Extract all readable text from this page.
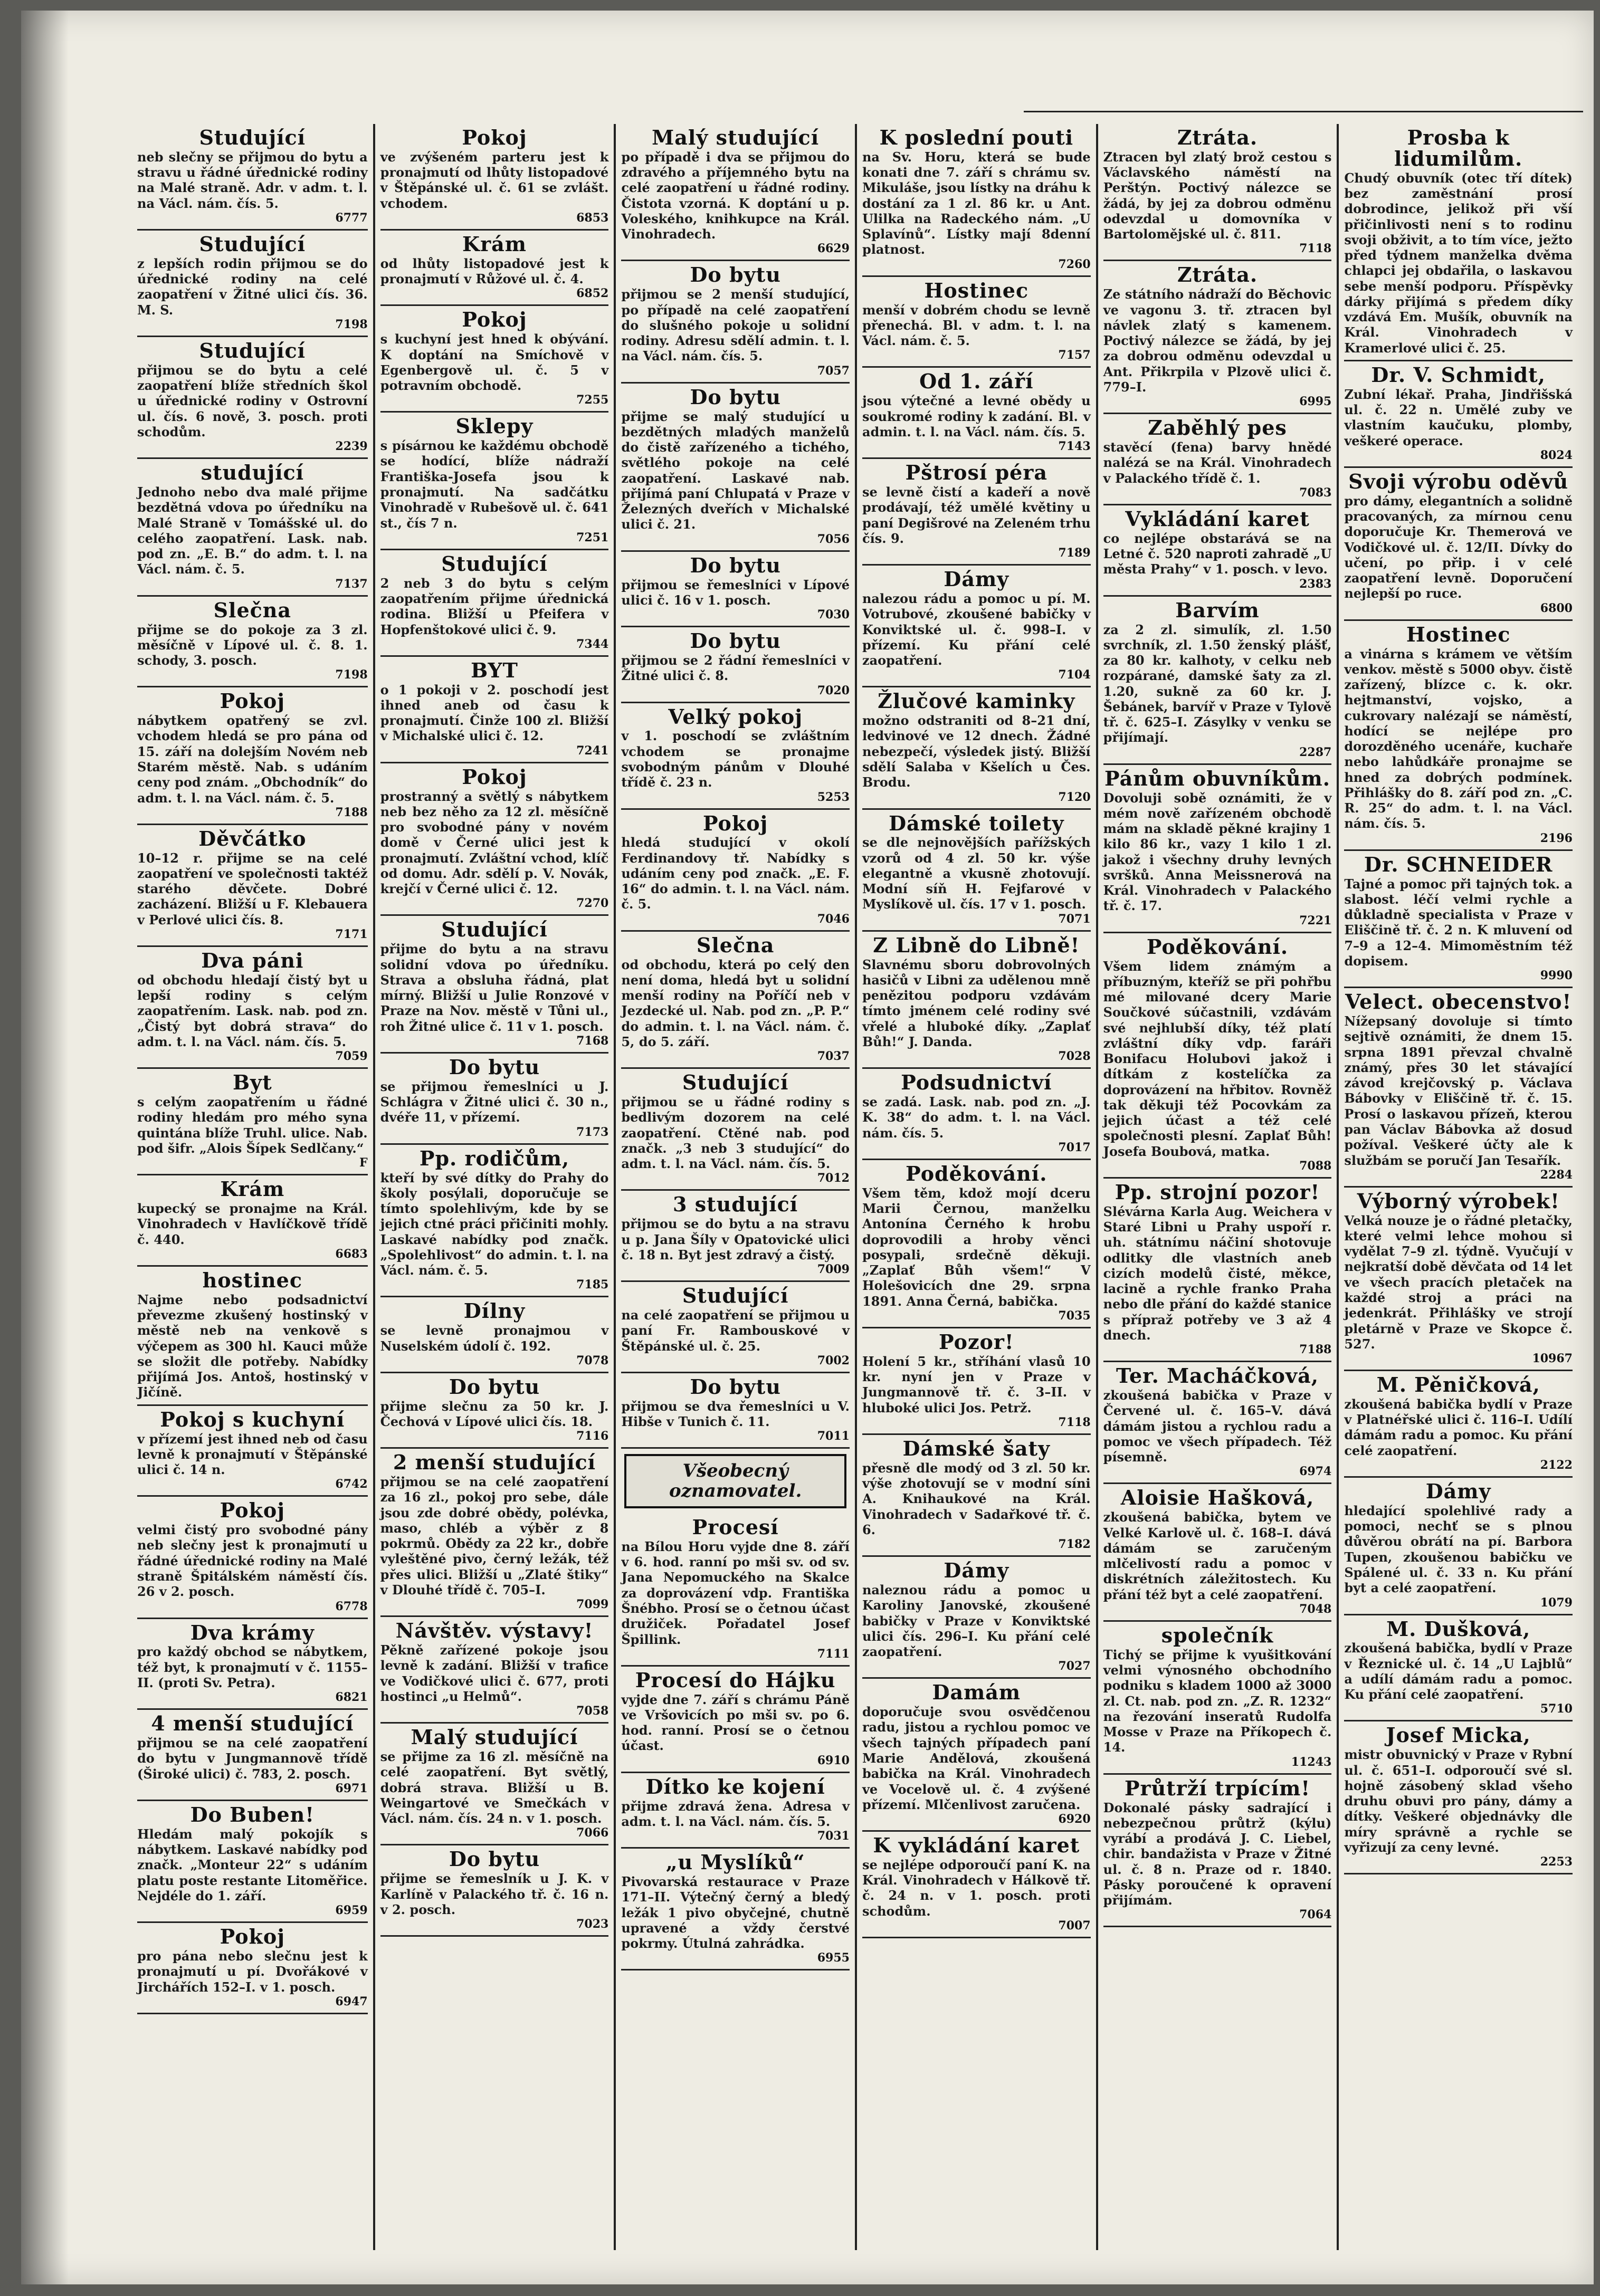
Studující

neb slečny se přijmou do bytu a stravu u řádné úřednické rodiny na Malé straně. Adr. v adm. t. l. na Václ. nám. čís. 5.

6777
Studující

z lepších rodin přijmou se do úřednické rodiny na celé zaopatření v Žitné ulici čís. 36. M. S.

7198
Studující

přijmou se do bytu a celé zaopatření blíže středních škol u úřednické rodiny v Ostrovní ul. čís. 6 nově, 3. posch. proti schodům.

2239
studující

Jednoho nebo dva malé přijme bezdětná vdova po úředníku na Malé Straně v Tomášské ul. do celého zaopatření. Lask. nab. pod zn. „E. B.“ do adm. t. l. na Václ. nám. č. 5.

7137
Slečna

přijme se do pokoje za 3 zl. měsíčně v Lípové ul. č. 8. 1. schody, 3. posch.

7198
Pokoj

nábytkem opatřený se zvl. vchodem hledá se pro pána od 15. září na dolejším Novém neb Starém městě. Nab. s udáním ceny pod znám. „Obchodník“ do adm. t. l. na Václ. nám. č. 5.

7188
Děvčátko

10–12 r. přijme se na celé zaopatření ve společnosti taktéž starého děvčete. Dobré zacházení. Bližší u F. Klebauera v Perlové ulici čís. 8.

7171
Dva páni

od obchodu hledají čistý byt u lepší rodiny s celým zaopatřením. Lask. nab. pod zn. „Čistý byt dobrá strava“ do adm. t. l. na Václ. nám. čís. 5.

7059
Byt

s celým zaopatřením u řádné rodiny hledám pro mého syna quintána blíže Truhl. ulice. Nab. pod šifr. „Alois Šípek Sedlčany.“

F
Krám

kupecký se pronajme na Král. Vinohradech v Havlíčkově třídě č. 440.

6683
hostinec

Najme nebo podsadnictví převezme zkušený hostinský v městě neb na venkově s výčepem as 300 hl. Kauci může se složit dle potřeby. Nabídky přijímá Jos. Antoš, hostinský v Jičíně.

Pokoj s kuchyní

v přízemí jest ihned neb od času levně k pronajmutí v Štěpánské ulici č. 14 n.

6742
Pokoj

velmi čistý pro svobodné pány neb slečny jest k pronajmutí u řádné úřednické rodiny na Malé straně Špitálském náměstí čís. 26 v 2. posch.

6778
Dva krámy

pro každý obchod se nábytkem, též byt, k pronajmutí v č. 1155–II. (proti Sv. Petra).

6821
4 menší studující

přijmou se na celé zaopatření do bytu v Jungmannově třídě (Široké ulici) č. 783, 2. posch.

6971
Do Buben!

Hledám malý pokojík s nábytkem. Laskavé nabídky pod značk. „Monteur 22“ s udáním platu poste restante Litoměřice. Nejdéle do 1. září.

6959
Pokoj

pro pána nebo slečnu jest k pronajmutí u pí. Dvořákové v Jirchářích 152–I. v 1. posch.

6947
Pokoj

ve zvýšeném parteru jest k pronajmutí od lhůty listopadové v Štěpánské ul. č. 61 se zvlášt. vchodem.

6853
Krám

od lhůty listopadové jest k pronajmutí v Růžové ul. č. 4.

6852
Pokoj

s kuchyní jest hned k obývání. K doptání na Smíchově v Egenbergově ul. č. 5 v potravním obchodě.

7255
Sklepy

s písárnou ke každému obchodě se hodící, blíže nádraží Františka-Josefa jsou k pronajmutí. Na sadčátku Vinohradě v Rubešově ul. č. 641 st., čís 7 n.

7251
Studující

2 neb 3 do bytu s celým zaopatřením přijme úřednická rodina. Bližší u Pfeifera v Hopfenštokové ulici č. 9.

7344
BYT

o 1 pokoji v 2. poschodí jest ihned aneb od času k pronajmutí. Činže 100 zl. Bližší v Michalské ulici č. 12.

7241
Pokoj

prostranný a světlý s nábytkem neb bez něho za 12 zl. měsíčně pro svobodné pány v novém domě v Černé ulici jest k pronajmutí. Zvláštní vchod, klíč od domu. Adr. sdělí p. V. Novák, krejčí v Černé ulici č. 12.

7270
Studující

přijme do bytu a na stravu solidní vdova po úředníku. Strava a obsluha řádná, plat mírný. Bližší u Julie Ronzové v Praze na Nov. městě v Tůni ul., roh Žitné ulice č. 11 v 1. posch.

7168
Do bytu

se přijmou řemeslníci u J. Schlágra v Žitné ulici č. 30 n., dvéře 11, v přízemí.

7173
Pp. rodičům,

kteří by své dítky do Prahy do školy posýlali, doporučuje se tímto spolehlivým, kde by se jejich ctné práci přičiniti mohly. Laskavé nabídky pod značk. „Spolehlivost“ do admin. t. l. na Václ. nám. č. 5.

7185
Dílny

se levně pronajmou v Nuselském údolí č. 192.

7078
Do bytu

přijme slečnu za 50 kr. J. Čechová v Lípové ulici čís. 18.

7116
2 menší studující

přijmou se na celé zaopatření za 16 zl., pokoj pro sebe, dále jsou zde dobré obědy, polévka, maso, chléb a výběr z 8 pokrmů. Obědy za 22 kr., dobře vyleštěné pivo, černý ležák, též přes ulici. Bližší u „Zlaté štiky“ v Dlouhé třídě č. 705–I.

7099
Návštěv. výstavy!

Pěkně zařízené pokoje jsou levně k zadání. Bližší v trafice ve Vodičkové ulici č. 677, proti hostinci „u Helmů“.

7058
Malý studující

se přijme za 16 zl. měsíčně na celé zaopatření. Byt světlý, dobrá strava. Bližší u B. Weingartové ve Smečkách v Václ. nám. čís. 24 n. v 1. posch.

7066
Do bytu

přijme se řemeslník u J. K. v Karlíně v Palackého tř. č. 16 n. v 2. posch.

7023
Malý studující

po případě i dva se přijmou do zdravého a příjemného bytu na celé zaopatření u řádné rodiny. Čistota vzorná. K doptání u p. Voleského, knihkupce na Král. Vinohradech.

6629
Do bytu

přijmou se 2 menší studující, po případě na celé zaopatření do slušného pokoje u solidní rodiny. Adresu sdělí admin. t. l. na Václ. nám. čís. 5.

7057
Do bytu

přijme se malý studující u bezdětných mladých manželů do čistě zařízeného a tichého, světlého pokoje na celé zaopatření. Laskavé nab. přijímá paní Chlupatá v Praze v Železných dveřích v Michalské ulici č. 21.

7056
Do bytu

přijmou se řemeslníci v Lípové ulici č. 16 v 1. posch.

7030
Do bytu

přijmou se 2 řádní řemeslníci v Žitné ulici č. 8.

7020
Velký pokoj

v 1. poschodí se zvláštním vchodem se pronajme svobodným pánům v Dlouhé třídě č. 23 n.

5253
Pokoj

hledá studující v okolí Ferdinandovy tř. Nabídky s udáním ceny pod značk. „E. F. 16“ do admin. t. l. na Václ. nám. č. 5.

7046
Slečna

od obchodu, která po celý den není doma, hledá byt u solidní menší rodiny na Poříčí neb v Jezdecké ul. Nab. pod zn. „P. P.“ do admin. t. l. na Václ. nám. č. 5, do 5. září.

7037
Studující

přijmou se u řádné rodiny s bedlivým dozorem na celé zaopatření. Ctěné nab. pod značk. „3 neb 3 studující“ do adm. t. l. na Václ. nám. čís. 5.

7012
3 studující

přijmou se do bytu a na stravu u p. Jana Šíly v Opatovické ulici č. 18 n. Byt jest zdravý a čistý.

7009
Studující

na celé zaopatření se přijmou u paní Fr. Rambouskové v Štěpánské ul. č. 25.

7002
Do bytu

přijmou se dva řemeslníci u V. Hibše v Tunich č. 11.

7011
Všeobecný oznamovatel.
Procesí

na Bílou Horu vyjde dne 8. září v 6. hod. ranní po mši sv. od sv. Jana Nepomuckého na Skalce za doprovázení vdp. Františka Šnébho. Prosí se o četnou účast družiček. Pořadatel Josef Špillink.

7111
Procesí do Hájku

vyjde dne 7. září s chrámu Páně ve Vršovicích po mši sv. po 6. hod. ranní. Prosí se o četnou účast.

6910
Dítko ke kojení

přijme zdravá žena. Adresa v adm. t. l. na Václ. nám. čís. 5.

7031
„u Myslíků“

Pivovarská restaurace v Praze 171–II. Výtečný černý a bledý ležák 1 pivo obyčejné, chutně upravené a vždy čerstvé pokrmy. Útulná zahrádka.

6955
K poslední pouti

na Sv. Horu, která se bude konati dne 7. září s chrámu sv. Mikuláše, jsou lístky na dráhu k dostání za 1 zl. 86 kr. u Ant. Ulilka na Radeckého nám. „U Splavínů“. Lístky mají 8denní platnost.

7260
Hostinec

menší v dobrém chodu se levně přenechá. Bl. v adm. t. l. na Václ. nám. č. 5.

7157
Od 1. září

jsou výtečné a levné obědy u soukromé rodiny k zadání. Bl. v admin. t. l. na Václ. nám. čís. 5.

7143
Pštrosí péra

se levně čistí a kadeří a nově prodávají, též umělé květiny u paní Degišrové na Zeleném trhu čís. 9.

7189
Dámy

nalezou rádu a pomoc u pí. M. Votrubové, zkoušené babičky v Konviktské ul. č. 998–I. v přízemí. Ku přání celé zaopatření.

7104
Žlučové kaminky

možno odstraniti od 8–21 dní, ledvinové ve 12 dnech. Žádné nebezpečí, výsledek jistý. Bližší sdělí Salaba v Kšelích u Čes. Brodu.

7120
Dámské toilety

se dle nejnovějších pařížských vzorů od 4 zl. 50 kr. výše elegantně a vkusně zhotovují. Modní síň H. Fejfarové v Myslíkově ul. čís. 17 v 1. posch.

7071
Z Libně do Libně!

Slavnému sboru dobrovolných hasičů v Libni za udělenou mně penězitou podporu vzdávám tímto jménem celé rodiny své vřelé a hluboké díky. „Zaplať Bůh!“ J. Danda.

7028
Podsudnictví

se zadá. Lask. nab. pod zn. „J. K. 38“ do adm. t. l. na Václ. nám. čís. 5.

7017
Poděkování.

Všem těm, kdož mojí dceru Marii Černou, manželku Antonína Černého k hrobu doprovodili a hroby věnci posypali, srdečně děkuji. „Zaplať Bůh všem!“ V Holešovicích dne 29. srpna 1891. Anna Černá, babička.

7035
Pozor!

Holení 5 kr., stříhání vlasů 10 kr. nyní jen v Praze v Jungmannově tř. č. 3–II. v hluboké ulici Jos. Petrž.

7118
Dámské šaty

přesně dle modý od 3 zl. 50 kr. výše zhotovují se v modní síni A. Knihaukové na Král. Vinohradech v Sadařkové tř. č. 6.

7182
Dámy

naleznou rádu a pomoc u Karoliny Janovské, zkoušené babičky v Praze v Konviktské ulici čís. 296–I. Ku přání celé zaopatření.

7027
Damám

doporučuje svou osvědčenou radu, jistou a rychlou pomoc ve všech tajných případech paní Marie Andělová, zkoušená babička na Král. Vinohradech ve Vocelově ul. č. 4 zvýšené přízemí. Mlčenlivost zaručena.

6920
K vykládání karet

se nejlépe odporoučí paní K. na Král. Vinohradech v Hálkově tř. č. 24 n. v 1. posch. proti schodům.

7007
Ztráta.

Ztracen byl zlatý brož cestou s Václavského náměstí na Perštýn. Poctivý nálezce se žádá, by jej za dobrou odměnu odevzdal u domovníka v Bartolomějské ul. č. 811.

7118
Ztráta.

Ze státního nádraží do Běchovic ve vagonu 3. tř. ztracen byl návlek zlatý s kamenem. Poctivý nálezce se žádá, by jej za dobrou odměnu odevzdal u Ant. Přikrpila v Plzově ulici č. 779–I.

6995
Zaběhlý pes

stavěcí (fena) barvy hnědé nalézá se na Král. Vinohradech v Palackého třídě č. 1.

7083
Vykládání karet

co nejlépe obstarává se na Letné č. 520 naproti zahradě „U města Prahy“ v 1. posch. v levo.

2383
Barvím

za 2 zl. simulík, zl. 1.50 svrchník, zl. 1.50 ženský plášť, za 80 kr. kalhoty, v celku neb rozpárané, damské šaty za zl. 1.20, sukně za 60 kr. J. Šebánek, barvíř v Praze v Tylově tř. č. 625–I. Zásylky v venku se přijímají.

2287
Pánům obuvníkům.

Dovoluji sobě oznámiti, že v mém nově zařízeném obchodě mám na skladě pěkné krajiny 1 kilo 86 kr., vazy 1 kilo 1 zl. jakož i všechny druhy levných svršků. Anna Meissnerová na Král. Vinohradech v Palackého tř. č. 17.

7221
Poděkování.

Všem lidem známým a příbuzným, kteříž se při pohřbu mé milované dcery Marie Součkové súčastnili, vzdávám své nejhlubší díky, též platí zvláštní díky vdp. faráři Bonifacu Holubovi jakož i dítkám z kostelíčka za doprovázení na hřbitov. Rovněž tak děkuji též Pocovkám za jejich účast a též celé společnosti plesní. Zaplať Bůh! Josefa Boubová, matka.

7088
Pp. strojní pozor!

Slévárna Karla Aug. Weichera v Staré Libni u Prahy uspoří r. uh. státnímu náčiní shotovuje odlitky dle vlastních aneb cizích modelů čisté, měkce, lacině a rychle franko Praha nebo dle přání do každé stanice s přípraž potřeby ve 3 až 4 dnech.

7188
Ter. Macháčková,

zkoušená babička v Praze v Červené ul. č. 165–V. dává dámám jistou a rychlou radu a pomoc ve všech případech. Též písemně.

6974
Aloisie Hašková,

zkoušená babička, bytem ve Velké Karlově ul. č. 168–I. dává dámám se zaručeným mlčelivostí radu a pomoc v diskrétních záležitostech. Ku přání též byt a celé zaopatření.

7048
společník

Tichý se přijme k vyušitkování velmi výnosného obchodního podniku s kladem 1000 až 3000 zl. Ct. nab. pod zn. „Z. R. 1232“ na řezování inseratů Rudolfa Mosse v Praze na Příkopech č. 14.

11243
Průtrží trpícím!

Dokonalé pásky sadrající i nebezpečnou průtrž (kýlu) vyrábí a prodává J. C. Liebel, chir. bandažista v Praze v Žitné ul. č. 8 n. Praze od r. 1840. Pásky poroučené k opravení přijímám.

7064
Prosba k lidumilům.

Chudý obuvník (otec tří dítek) bez zaměstnání prosí dobrodince, jelikož při vší přičinlivosti není s to rodinu svoji obživit, a to tím více, ježto před týdnem manželka dvěma chlapci jej obdařila, o laskavou sebe menší podporu. Příspěvky dárky přijímá s předem díky vzdává Em. Mušík, obuvník na Král. Vinohradech v Kramerlové ulici č. 25.

Dr. V. Schmidt,

Zubní lékař. Praha, Jindřišská ul. č. 22 n. Umělé zuby ve vlastním kaučuku, plomby, veškeré operace.

8024
Svoji výrobu oděvů

pro dámy, elegantních a solidně pracovaných, za mírnou cenu doporučuje Kr. Themerová ve Vodičkové ul. č. 12/II. Dívky do učení, po přip. i v celé zaopatření levně. Doporučení nejlepší po ruce.

6800
Hostinec

a vinárna s krámem ve větším venkov. městě s 5000 obyv. čistě zařízený, blízce c. k. okr. hejtmanství, vojsko, a cukrovary nalézají se náměstí, hodící se nejlépe pro dorozděného ucenáře, kuchaře nebo lahůdkáře pronajme se hned za dobrých podmínek. Přihlášky do 8. září pod zn. „C. R. 25“ do adm. t. l. na Václ. nám. čís. 5.

2196
Dr. SCHNEIDER

Tajné a pomoc při tajných tok. a slabost. léčí velmi rychle a důkladně specialista v Praze v Eliščině tř. č. 2 n. K mluvení od 7–9 a 12–4. Mimoměstním též dopisem.

9990
Velect. obecenstvo!

Nížepsaný dovoluje si tímto sejtivě oznámiti, že dnem 15. srpna 1891 převzal chvalně známý, přes 30 let stávající závod krejčovský p. Václava Bábovky v Eliščině tř. č. 15. Prosí o laskavou přízeň, kterou pan Václav Bábovka až dosud požíval. Veškeré účty ale k službám se poručí Jan Tesařík.

2284
Výborný výrobek!

Velká nouze je o řádné pletačky, které velmi lehce mohou si vydělat 7–9 zl. týdně. Vyučují v nejkratší době děvčata od 14 let ve všech pracích pletaček na každé stroj a práci na jedenkrát. Přihlášky ve strojí pletárně v Praze ve Skopce č. 527.

10967
M. Pěničková,

zkoušená babička bydlí v Praze v Platnéřské ulici č. 116–I. Udílí dámám radu a pomoc. Ku přání celé zaopatření.

2122
Dámy

hledající spolehlivé rady a pomoci, nechť se s plnou důvěrou obrátí na pí. Barbora Tupen, zkoušenou babičku ve Spálené ul. č. 33 n. Ku přání byt a celé zaopatření.

1079
M. Dušková,

zkoušená babička, bydlí v Praze v Řeznické ul. č. 14 „U Lajblů“ a udílí dámám radu a pomoc. Ku přání celé zaopatření.

5710
Josef Micka,

mistr obuvnický v Praze v Rybní ul. č. 651–I. odporoučí své sl. hojně zásobený sklad všeho druhu obuvi pro pány, dámy a dítky. Veškeré objednávky dle míry správně a rychle se vyřizují za ceny levné.

2253
